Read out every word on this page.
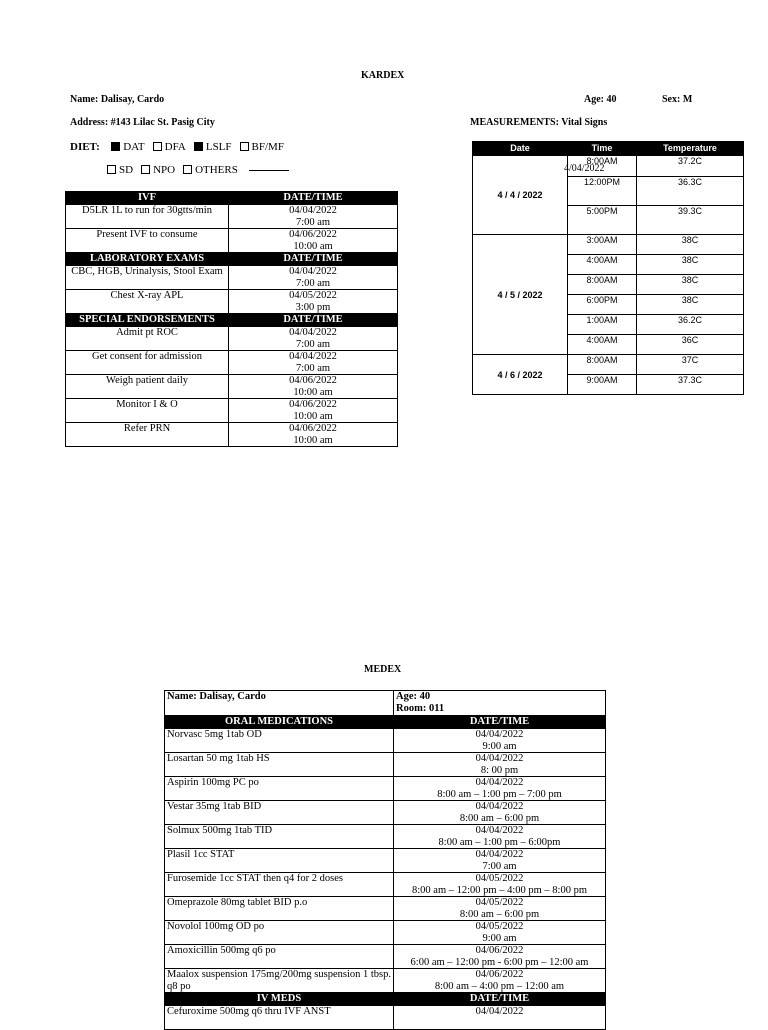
KARDEX
Name: Dalisay, Cardo	Age: 40	Sex: M
Address: #143 Lilac St. Pasig City	MEASUREMENTS: Vital Signs
DIET: DAT DFA LSLF BF/MF
SD NPO OTHERS
IVF	DATE/TIME
D5LR 1L to run for 30gtts/min	04/04/2022
7:00 am

Present IVF to consume	04/06/2022
10:00 am

LABORATORY EXAMS	DATE/TIME
CBC, HGB, Urinalysis, Stool Exam	04/04/2022
7:00 am

Chest X-ray APL	04/05/2022
3:00 pm

SPECIAL ENDORSEMENTS	DATE/TIME
Admit pt ROC	04/04/2022
7:00 am

Get consent for admission	04/04/2022
7:00 am

Weigh patient daily	04/06/2022
10:00 am

Monitor I & O	04/06/2022
10:00 am

Refer PRN	04/06/2022
10:00 am
4/04/2022
Date	Time	Temperature
4 / 4 / 2022	8:00AM	37.2C
	12:00PM	36.3C
	5:00PM	39.3C
4 / 5 / 2022	3:00AM	38C
	4:00AM	38C
	8:00AM	38C
	6:00PM	38C
	1:00AM	36.2C
	4:00AM	36C
4 / 6 / 2022	8:00AM	37C
	9:00AM	37.3C
MEDEX
Name: Dalisay, Cardo	Age: 40
Room: 011

ORAL MEDICATIONS	DATE/TIME
Norvasc 5mg 1tab OD	04/04/2022
9:00 am

Losartan 50 mg 1tab HS	04/04/2022
8: 00 pm

Aspirin 100mg PC po	04/04/2022
8:00 am – 1:00 pm – 7:00 pm

Vestar 35mg 1tab BID	04/04/2022
8:00 am – 6:00 pm

Solmux 500mg 1tab TID	04/04/2022
8:00 am – 1:00 pm – 6:00pm

Plasil 1cc STAT	04/04/2022
7:00 am

Furosemide 1cc STAT then q4 for 2 doses	04/05/2022
8:00 am – 12:00 pm – 4:00 pm – 8:00 pm

Omeprazole 80mg tablet BID p.o	04/05/2022
8:00 am – 6:00 pm

Novolol 100mg OD po	04/05/2022
9:00 am

Amoxicillin 500mg q6 po	04/06/2022
6:00 am – 12:00 pm - 6:00 pm – 12:00 am

Maalox suspension 175mg/200mg suspension 1 tbsp. q8 po	04/06/2022
8:00 am – 4:00 pm – 12:00 am

IV MEDS	DATE/TIME
Cefuroxime 500mg q6 thru IVF ANST	04/04/2022
